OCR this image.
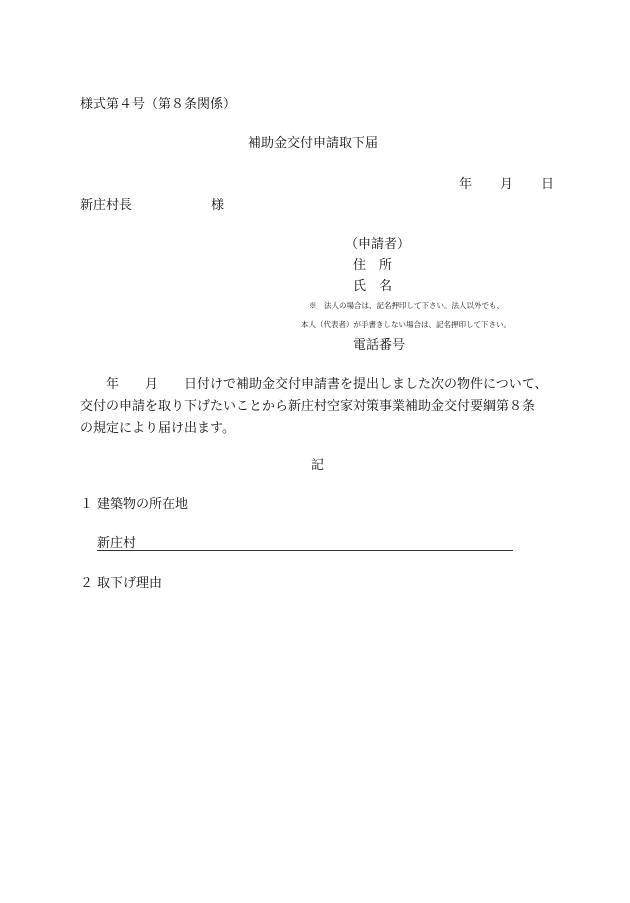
様式第４号（第８条関係）
補助金交付申請取下届
年 月 日
新庄村長	様
（申請者）
住　所
氏　名
※　法人の場合は、記名押印して下さい。法人以外でも、
本人（代表者）が手書きしない場合は、記名押印して下さい。
電話番号
　　年　　月　　日付けで補助金交付申請書を提出しました次の物件について、
交付の申請を取り下げたいことから新庄村空家対策事業補助金交付要綱第８条
の規定により届け出ます。
記
１ 建築物の所在地
新庄村
２ 取下げ理由
